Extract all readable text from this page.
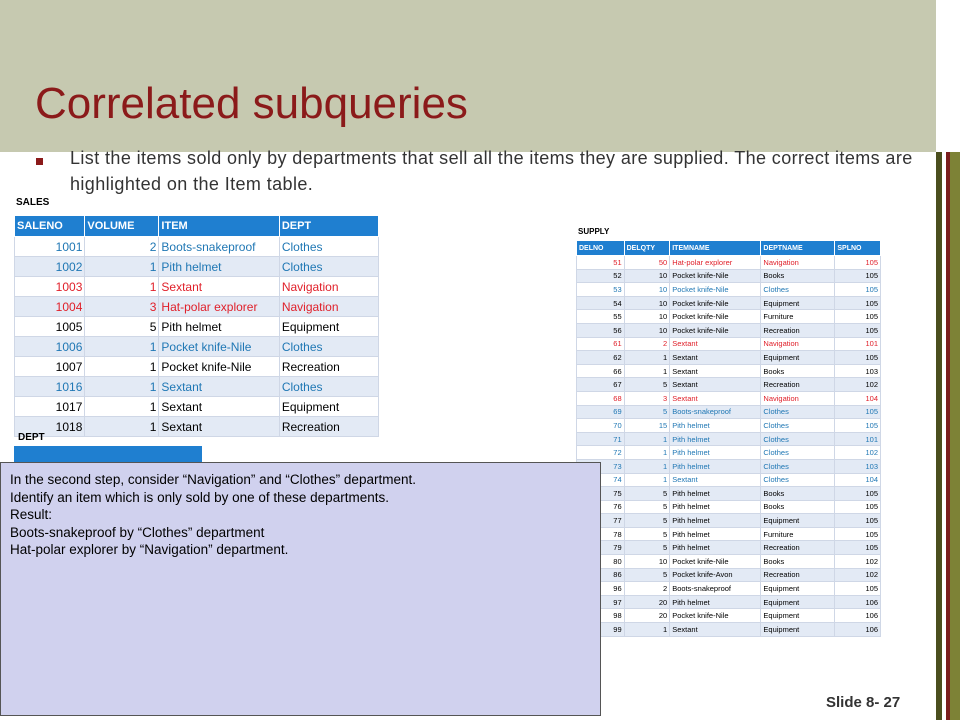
Correlated subqueries
List the items sold only by departments that sell all the items they are supplied. The correct items are highlighted on the Item table.
SALES
SALENO	VOLUME	ITEM	DEPT
1001	2	Boots-snakeproof	Clothes
1002	1	Pith helmet	Clothes
1003	1	Sextant	Navigation
1004	3	Hat-polar explorer	Navigation
1005	5	Pith helmet	Equipment
1006	1	Pocket knife-Nile	Clothes
1007	1	Pocket knife-Nile	Recreation
1016	1	Sextant	Clothes
1017	1	Sextant	Equipment
1018	1	Sextant	Recreation
DEPT
SUPPLY
DELNO	DELQTY	ITEMNAME	DEPTNAME	SPLNO
51	50	Hat-polar explorer	Navigation	105
52	10	Pocket knife-Nile	Books	105
53	10	Pocket knife-Nile	Clothes	105
54	10	Pocket knife-Nile	Equipment	105
55	10	Pocket knife-Nile	Furniture	105
56	10	Pocket knife-Nile	Recreation	105
61	2	Sextant	Navigation	101
62	1	Sextant	Equipment	105
66	1	Sextant	Books	103
67	5	Sextant	Recreation	102
68	3	Sextant	Navigation	104
69	5	Boots-snakeproof	Clothes	105
70	15	Pith helmet	Clothes	105
71	1	Pith helmet	Clothes	101
72	1	Pith helmet	Clothes	102
73	1	Pith helmet	Clothes	103
74	1	Sextant	Clothes	104
75	5	Pith helmet	Books	105
76	5	Pith helmet	Books	105
77	5	Pith helmet	Equipment	105
78	5	Pith helmet	Furniture	105
79	5	Pith helmet	Recreation	105
80	10	Pocket knife-Nile	Books	102
86	5	Pocket knife-Avon	Recreation	102
96	2	Boots-snakeproof	Equipment	105
97	20	Pith helmet	Equipment	106
98	20	Pocket knife-Nile	Equipment	106
99	1	Sextant	Equipment	106
In the second step, consider “Navigation” and “Clothes” department.
Identify an item which is only sold by one of these departments.
Result:
Boots-snakeproof by “Clothes” department
Hat-polar explorer by “Navigation” department.
Slide 8- 27
